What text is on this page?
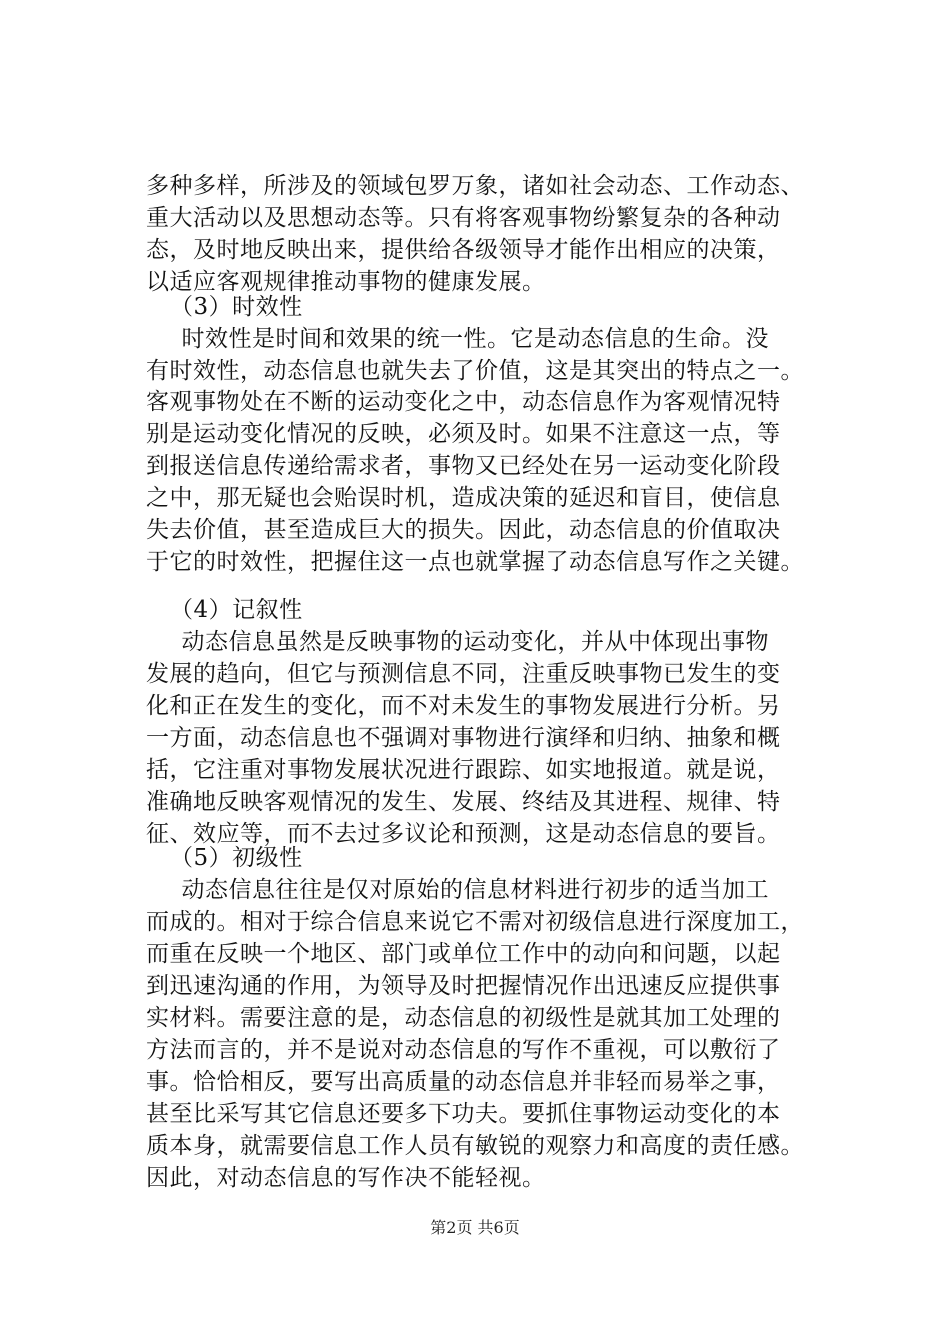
多种多样，所涉及的领域包罗万象，诸如社会动态、工作动态、
重大活动以及思想动态等。只有将客观事物纷繁复杂的各种动
态，及时地反映出来，提供给各级领导才能作出相应的决策，
以适应客观规律推动事物的健康发展。
　（3）时效性
　时效性是时间和效果的统一性。它是动态信息的生命。没
有时效性，动态信息也就失去了价值，这是其突出的特点之一。
客观事物处在不断的运动变化之中，动态信息作为客观情况特
别是运动变化情况的反映，必须及时。如果不注意这一点，等
到报送信息传递给需求者，事物又已经处在另一运动变化阶段
之中，那无疑也会贻误时机，造成决策的延迟和盲目，使信息
失去价值，甚至造成巨大的损失。因此，动态信息的价值取决
于它的时效性，把握住这一点也就掌握了动态信息写作之关键。
　（4）记叙性
　动态信息虽然是反映事物的运动变化，并从中体现出事物
发展的趋向，但它与预测信息不同，注重反映事物已发生的变
化和正在发生的变化，而不对未发生的事物发展进行分析。另
一方面，动态信息也不强调对事物进行演绎和归纳、抽象和概
括，它注重对事物发展状况进行跟踪、如实地报道。就是说，
准确地反映客观情况的发生、发展、终结及其进程、规律、特
征、效应等，而不去过多议论和预测，这是动态信息的要旨。
　（5）初级性
　动态信息往往是仅对原始的信息材料进行初步的适当加工
而成的。相对于综合信息来说它不需对初级信息进行深度加工，
而重在反映一个地区、部门或单位工作中的动向和问题，以起
到迅速沟通的作用，为领导及时把握情况作出迅速反应提供事
实材料。需要注意的是，动态信息的初级性是就其加工处理的
方法而言的，并不是说对动态信息的写作不重视，可以敷衍了
事。恰恰相反，要写出高质量的动态信息并非轻而易举之事，
甚至比采写其它信息还要多下功夫。要抓住事物运动变化的本
质本身，就需要信息工作人员有敏锐的观察力和高度的责任感。
因此，对动态信息的写作决不能轻视。
第2页 共6页
